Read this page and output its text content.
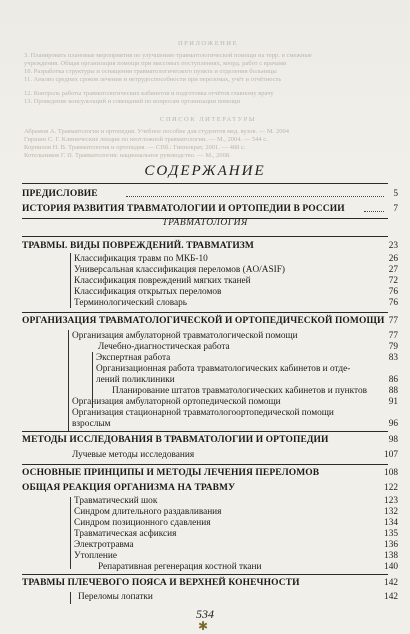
ПРИЛОЖЕНИЕ
3. Планировать плановые мероприятия по улучшению травматологической помощи на терр. и смежные
учреждения. Общая организация помощи при массовых поступлениях, коорд. работ с врачами
10. Разработка структуры и оснащения травматологического пункта и отделения больницы
11. Анализ средних сроков лечения и нетрудоспособности при переломах, учёт и отчётность
12. Контроль работы травматологических кабинетов и подготовка отчётов главному врачу
13. Проведение консультаций и совещаний по вопросам организации помощи
СПИСОК ЛИТЕРАТУРЫ
Абрамов А. Травматология и ортопедия. Учебное пособие для студентов мед. вузов. — М. 2004
Гиршин С. Г. Клинические лекции по неотложной травматологии. — М., 2004. — 544 с.
Корнилов Н. В. Травматология и ортопедия. — СПб.: Гиппократ, 2001. — 488 с.
Котельников Г. П. Травматология: национальное руководство. — М., 2008.
СОДЕРЖАНИЕ
ПРЕДИСЛОВИЕ	5
ИСТОРИЯ РАЗВИТИЯ ТРАВМАТОЛОГИИ И ОРТОПЕДИИ В РОССИИ	7
ТРАВМАТОЛОГИЯ
ТРАВМЫ. ВИДЫ ПОВРЕЖДЕНИЙ. ТРАВМАТИЗМ	23
Классификация травм по МКБ-10	26
Универсальная классификация переломов (AO/ASIF)	27
Классификация повреждений мягких тканей	72
Классификация открытых переломов	76
Терминологический словарь	76
ОРГАНИЗАЦИЯ ТРАВМАТОЛОГИЧЕСКОЙ И ОРТОПЕДИЧЕСКОЙ ПОМОЩИ 77
Организация амбулаторной травматологической помощи	77
Лечебно-диагностическая работа	79
Экспертная работа	83
Организационная работа травматологических кабинетов и отде-
лений поликлиники	86
Планирование штатов травматологических кабинетов и пунктов 88
Организация амбулаторной ортопедической помощи	91
Организация стационарной травматологоортопедической помощи
взрослым	96
МЕТОДЫ ИССЛЕДОВАНИЯ В ТРАВМАТОЛОГИИ И ОРТОПЕДИИ	98
Лучевые методы исследования	107
ОСНОВНЫЕ ПРИНЦИПЫ И МЕТОДЫ ЛЕЧЕНИЯ ПЕРЕЛОМОВ	108
ОБЩАЯ РЕАКЦИЯ ОРГАНИЗМА НА ТРАВМУ	122
Травматический шок	123
Синдром длительного раздавливания	132
Синдром позиционного сдавления	134
Травматическая асфиксия	135
Электротравма	136
Утопление	138
Репаративная регенерация костной ткани	140
ТРАВМЫ ПЛЕЧЕВОГО ПОЯСА И ВЕРХНЕЙ КОНЕЧНОСТИ	142
Переломы лопатки	142
534
✱
